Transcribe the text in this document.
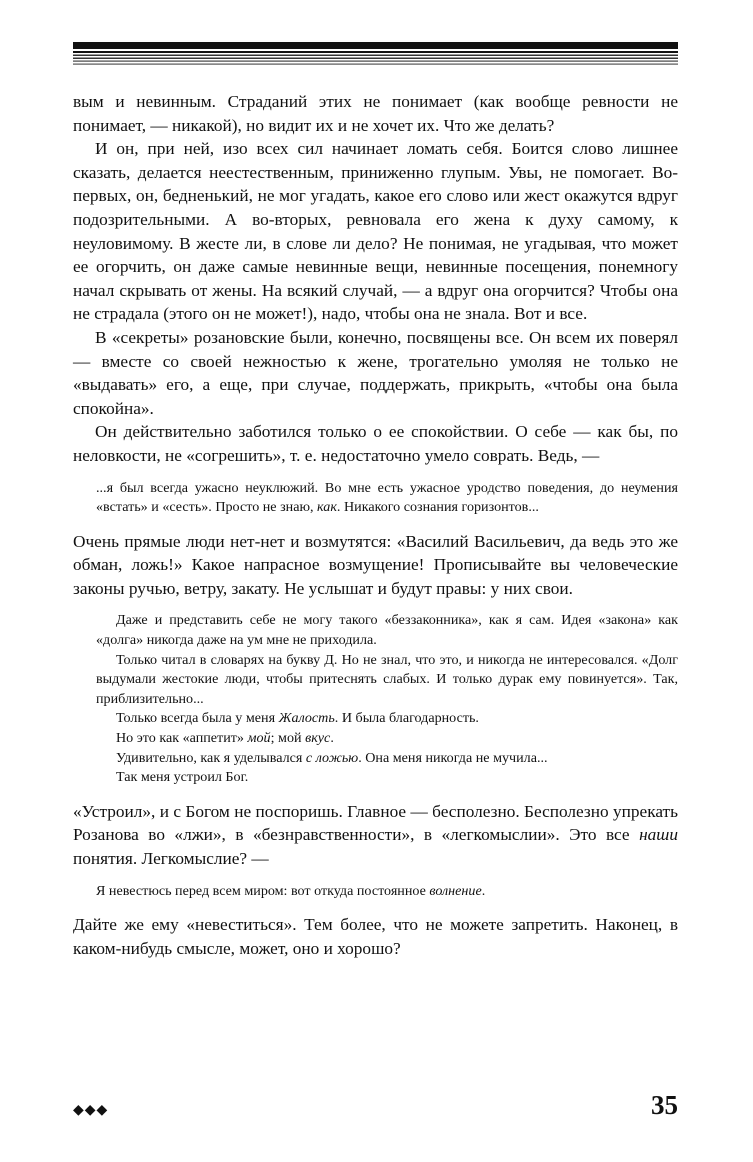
вым и невинным. Страданий этих не понимает (как вообще ревности не понимает, — никакой), но видит их и не хочет их. Что же делать?

И он, при ней, изо всех сил начинает ломать себя. Боится слово лишнее сказать, делается неестественным, приниженно глупым. Увы, не помогает. Во-первых, он, бедненький, не мог угадать, какое его слово или жест окажутся вдруг подозрительными. А во-вторых, ревновала его жена к духу самому, к неуловимому. В жесте ли, в слове ли дело? Не понимая, не угадывая, что может ее огорчить, он даже самые невинные вещи, невинные посещения, понемногу начал скрывать от жены. На всякий случай, — а вдруг она огорчится? Чтобы она не страдала (этого он не может!), надо, чтобы она не знала. Вот и все.

В «секреты» розановские были, конечно, посвящены все. Он всем их поверял — вместе со своей нежностью к жене, трогательно умоляя не только не «выдавать» его, а еще, при случае, поддержать, прикрыть, «чтобы она была спокойна».

Он действительно заботился только о ее спокойствии. О себе — как бы, по неловкости, не «согрешить», т. е. недостаточно умело соврать. Ведь, —

...я был всегда ужасно неуклюжий. Во мне есть ужасное уродство поведения, до неумения «встать» и «сесть». Просто не знаю, как. Никакого сознания горизонтов...

Очень прямые люди нет-нет и возмутятся: «Василий Васильевич, да ведь это же обман, ложь!» Какое напрасное возмущение! Прописывайте вы человеческие законы ручью, ветру, закату. Не услышат и будут правы: у них свои.

Даже и представить себе не могу такого «беззаконника», как я сам. Идея «закона» как «долга» никогда даже на ум мне не приходила.

Только читал в словарях на букву Д. Но не знал, что это, и никогда не интересовался. «Долг выдумали жестокие люди, чтобы притеснять слабых. И только дурак ему повинуется». Так, приблизительно...

Только всегда была у меня Жалость. И была благодарность.

Но это как «аппетит» мой; мой вкус.

Удивительно, как я уделывался с ложью. Она меня никогда не мучила...

Так меня устроил Бог.

«Устроил», и с Богом не поспоришь. Главное — бесполезно. Бесполезно упрекать Розанова во «лжи», в «безнравственности», в «легкомыслии». Это все наши понятия. Легкомыслие? —

Я невестюсь перед всем миром: вот откуда постоянное волнение.

Дайте же ему «невеститься». Тем более, что не можете запретить. Наконец, в каком-нибудь смысле, может, оно и хорошо?

◆◆◆	35
